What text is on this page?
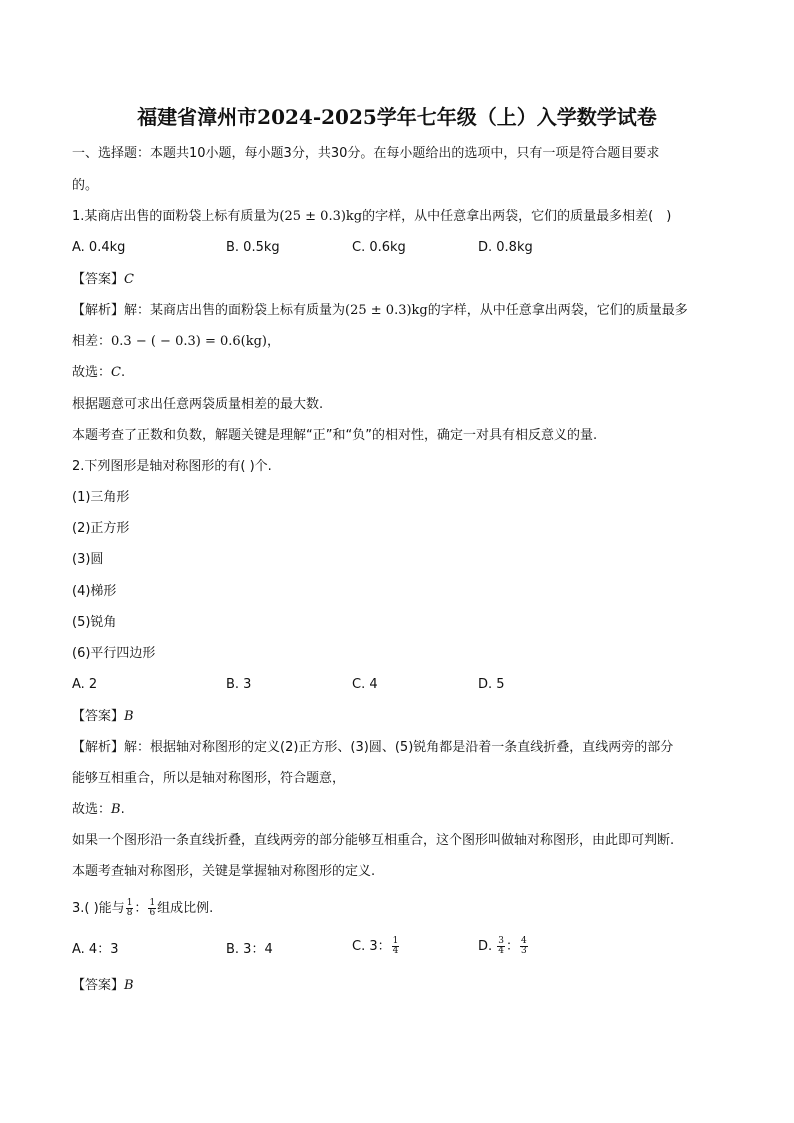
福建省漳州市2024-2025学年七年级（上）入学数学试卷
一、选择题：本题共10小题，每小题3分，共30分。在每小题给出的选项中，只有一项是符合题目要求
的。
1.某商店出售的面粉袋上标有质量为(25 ± 0.3)kg的字样，从中任意拿出两袋，它们的质量最多相差(　)
A. 0.4kg	B. 0.5kg	C. 0.6kg	D. 0.8kg
【答案】C
【解析】解：某商店出售的面粉袋上标有质量为(25 ± 0.3)kg的字样，从中任意拿出两袋，它们的质量最多
相差：0.3 − ( − 0.3) = 0.6(kg)，
故选：C.
根据题意可求出任意两袋质量相差的最大数.
本题考查了正数和负数，解题关键是理解“正”和“负”的相对性，确定一对具有相反意义的量.
2.下列图形是轴对称图形的有( )个.
(1)三角形
(2)正方形
(3)圆
(4)梯形
(5)锐角
(6)平行四边形
A. 2	B. 3	C. 4	D. 5
【答案】B
【解析】解：根据轴对称图形的定义(2)正方形、(3)圆、(5)锐角都是沿着一条直线折叠，直线两旁的部分
能够互相重合，所以是轴对称图形，符合题意，
故选：B.
如果一个图形沿一条直线折叠，直线两旁的部分能够互相重合，这个图形叫做轴对称图形，由此即可判断.
本题考查轴对称图形，关键是掌握轴对称图形的定义.
3.( )能与 $\frac{1}{8}$ ： $\frac{1}{6}$ 组成比例.
A. 4：3	B. 3：4	C. 3： $\frac{1}{4}$	D. $\frac{3}{4}$ ： $\frac{4}{3}$
【答案】B
